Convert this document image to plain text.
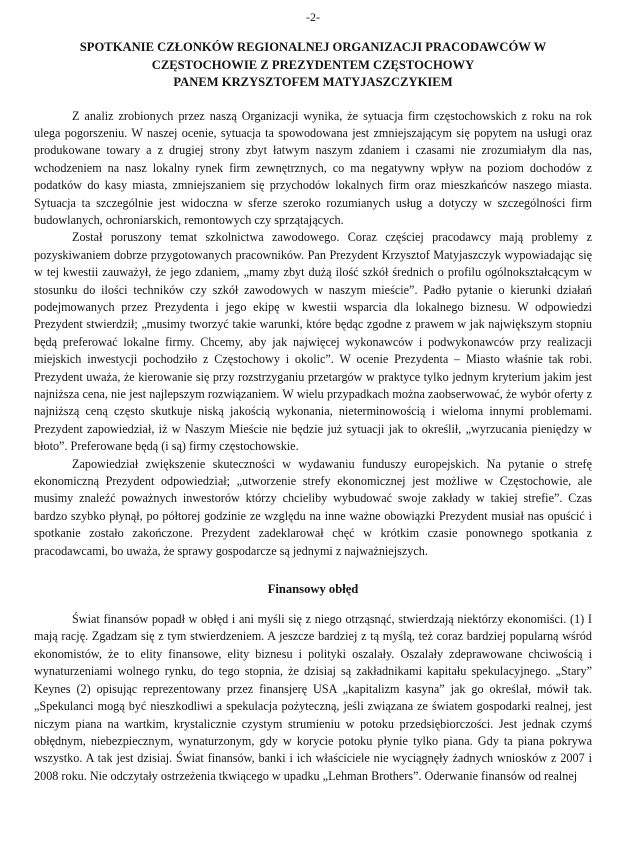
-2-
SPOTKANIE CZŁONKÓW REGIONALNEJ ORGANIZACJI PRACODAWCÓW W
CZĘSTOCHOWIE Z PREZYDENTEM CZĘSTOCHOWY
PANEM KRZYSZTOFEM MATYJASZCZYKIEM

Z analiz zrobionych przez naszą Organizacji wynika, że sytuacja firm częstochowskich z roku na rok ulega pogorszeniu. W naszej ocenie, sytuacja ta spowodowana jest zmniejszającym się popytem na usługi oraz produkowane towary a z drugiej strony zbyt łatwym naszym zdaniem i czasami nie zrozumiałym dla nas, wchodzeniem na nasz lokalny rynek firm zewnętrznych, co ma negatywny wpływ na poziom dochodów z podatków do kasy miasta, zmniejszaniem się przychodów lokalnych firm oraz mieszkańców naszego miasta. Sytuacja ta szczególnie jest widoczna w sferze szeroko rozumianych usług a dotyczy w szczególności firm budowlanych, ochroniarskich, remontowych czy sprzątających.

Został poruszony temat szkolnictwa zawodowego. Coraz częściej pracodawcy mają problemy z pozyskiwaniem dobrze przygotowanych pracowników. Pan Prezydent Krzysztof Matyjaszczyk wypowiadając się w tej kwestii zauważył, że jego zdaniem, „mamy zbyt dużą ilość szkół średnich o profilu ogólnokształcącym w stosunku do ilości techników czy szkół zawodowych w naszym mieście”. Padło pytanie o kierunki działań podejmowanych przez Prezydenta i jego ekipę w kwestii wsparcia dla lokalnego biznesu. W odpowiedzi Prezydent stwierdził; „musimy tworzyć takie warunki, które będąc zgodne z prawem w jak największym stopniu będą preferować lokalne firmy. Chcemy, aby jak najwięcej wykonawców i podwykonawców przy realizacji miejskich inwestycji pochodziło z Częstochowy i okolic”. W ocenie Prezydenta – Miasto właśnie tak robi. Prezydent uważa, że kierowanie się przy rozstrzyganiu przetargów w praktyce tylko jednym kryterium jakim jest najniższa cena, nie jest najlepszym rozwiązaniem. W wielu przypadkach można zaobserwować, że wybór oferty z najniższą ceną często skutkuje niską jakością wykonania, nieterminowością i wieloma innymi problemami. Prezydent zapowiedział, iż w Naszym Mieście nie będzie już sytuacji jak to określił, „wyrzucania pieniędzy w błoto”. Preferowane będą (i są) firmy częstochowskie.

Zapowiedział zwiększenie skuteczności w wydawaniu funduszy europejskich. Na pytanie o strefę ekonomiczną Prezydent odpowiedział; „utworzenie strefy ekonomicznej jest możliwe w Częstochowie, ale musimy znaleźć poważnych inwestorów którzy chcieliby wybudować swoje zakłady w takiej strefie”. Czas bardzo szybko płynął, po półtorej godzinie ze względu na inne ważne obowiązki Prezydent musiał nas opuścić i spotkanie zostało zakończone. Prezydent zadeklarował chęć w krótkim czasie ponownego spotkania z pracodawcami, bo uważa, że sprawy gospodarcze są jednymi z najważniejszych.

Finansowy obłęd

Świat finansów popadł w obłęd i ani myśli się z niego otrząsnąć, stwierdzają niektórzy ekonomiści. (1) I mają rację. Zgadzam się z tym stwierdzeniem. A jeszcze bardziej z tą myślą, też coraz bardziej popularną wśród ekonomistów, że to elity finansowe, elity biznesu i polityki oszalały. Oszalały zdeprawowane chciwością i wynaturzeniami wolnego rynku, do tego stopnia, że dzisiaj są zakładnikami kapitału spekulacyjnego. „Stary” Keynes (2) opisując reprezentowany przez finansjerę USA „kapitalizm kasyna” jak go określał, mówił tak. „Spekulanci mogą być nieszkodliwi a spekulacja pożyteczną, jeśli związana ze światem gospodarki realnej, jest niczym piana na wartkim, krystalicznie czystym strumieniu w potoku przedsiębiorczości. Jest jednak czymś obłędnym, niebezpiecznym, wynaturzonym, gdy w korycie potoku płynie tylko piana. Gdy ta piana pokrywa wszystko. A tak jest dzisiaj. Świat finansów, banki i ich właściciele nie wyciągnęły żadnych wniosków z 2007 i 2008 roku. Nie odczytały ostrzeżenia tkwiącego w upadku „Lehman Brothers”. Oderwanie finansów od realnej
